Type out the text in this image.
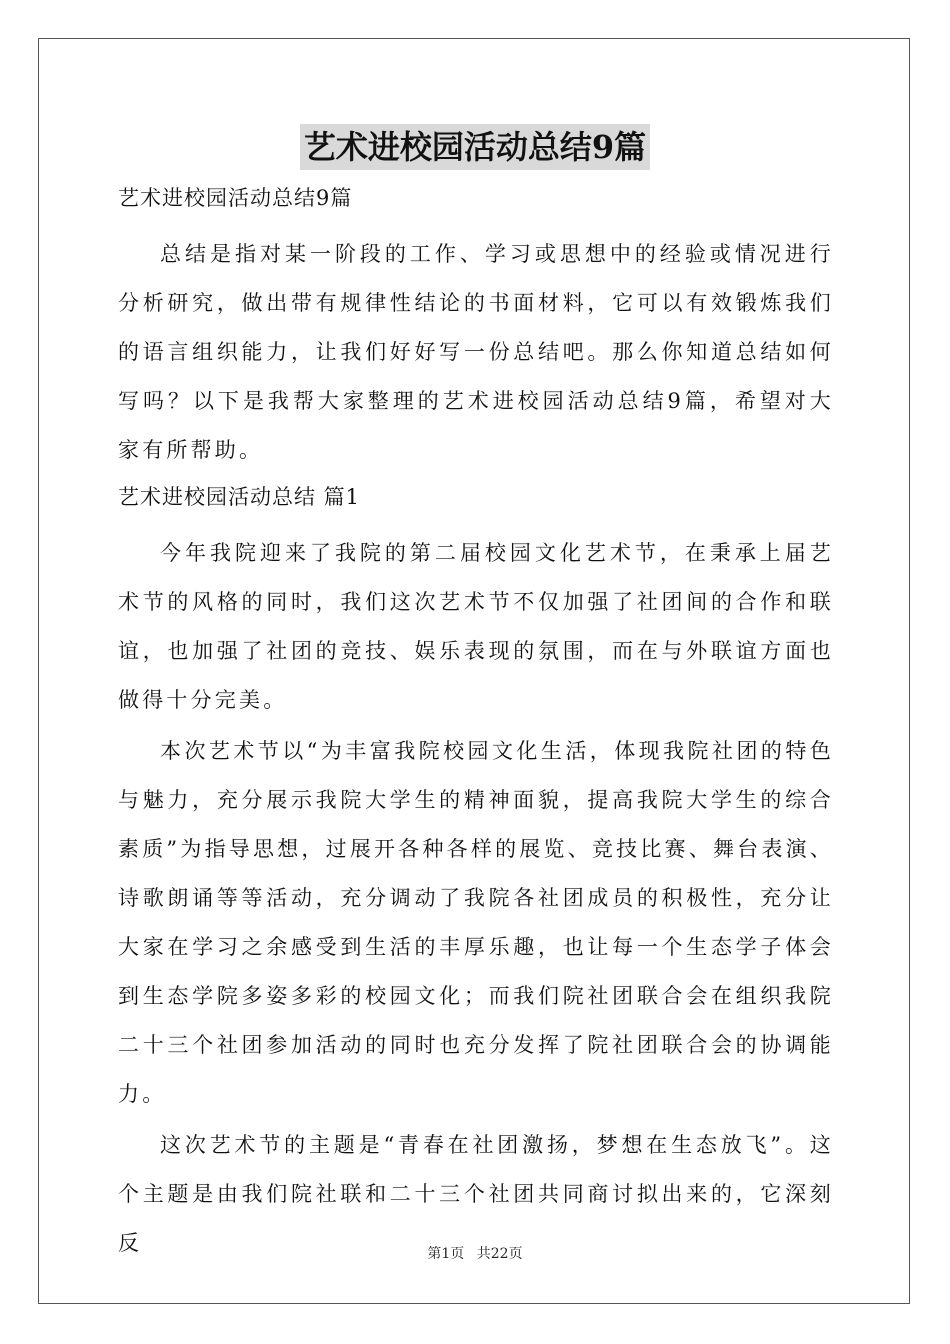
艺术进校园活动总结9篇

艺术进校园活动总结9篇

总结是指对某一阶段的工作、学习或思想中的经验或情况进行分析研究，做出带有规律性结论的书面材料，它可以有效锻炼我们的语言组织能力，让我们好好写一份总结吧。那么你知道总结如何写吗？以下是我帮大家整理的艺术进校园活动总结9篇，希望对大家有所帮助。

艺术进校园活动总结 篇1

今年我院迎来了我院的第二届校园文化艺术节，在秉承上届艺术节的风格的同时，我们这次艺术节不仅加强了社团间的合作和联谊，也加强了社团的竞技、娱乐表现的氛围，而在与外联谊方面也做得十分完美。

本次艺术节以“为丰富我院校园文化生活，体现我院社团的特色与魅力，充分展示我院大学生的精神面貌，提高我院大学生的综合素质”为指导思想，过展开各种各样的展览、竞技比赛、舞台表演、诗歌朗诵等等活动，充分调动了我院各社团成员的积极性，充分让大家在学习之余感受到生活的丰厚乐趣，也让每一个生态学子体会到生态学院多姿多彩的校园文化；而我们院社团联合会在组织我院二十三个社团参加活动的同时也充分发挥了院社团联合会的协调能力。

这次艺术节的主题是“青春在社团激扬，梦想在生态放飞”。这个主题是由我们院社联和二十三个社团共同商讨拟出来的，它深刻反	第1页 共22页
